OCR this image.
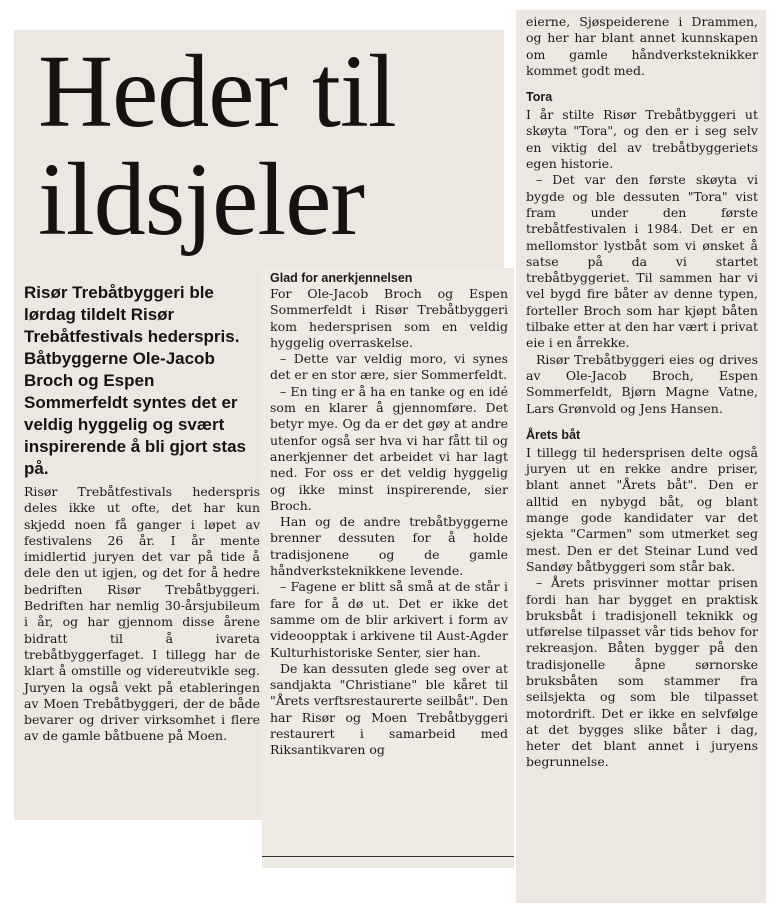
Heder til ildsjeler

Risør Trebåtbyggeri ble lørdag tildelt Risør Trebåtfestivals hederspris. Båtbyggerne Ole-Jacob Broch og Espen Sommerfeldt syntes det er veldig hyggelig og svært inspirerende å bli gjort stas på.

Risør Trebåtfestivals hederspris deles ikke ut ofte, det har kun skjedd noen få ganger i løpet av festivalens 26 år. I år mente imidlertid juryen det var på tide å dele den ut igjen, og det for å hedre bedriften Risør Trebåtbyggeri. Bedriften har nemlig 30-årsjubileum i år, og har gjennom disse årene bidratt til å ivareta trebåtbyggerfaget. I tillegg har de klart å omstille og videreutvikle seg. Juryen la også vekt på etableringen av Moen Trebåtbyggeri, der de både bevarer og driver virksomhet i flere av de gamle båtbuene på Moen.

Glad for anerkjennelsen

For Ole-Jacob Broch og Espen Sommerfeldt i Risør Trebåtbyggeri kom hedersprisen som en veldig hyggelig overraskelse.

– Dette var veldig moro, vi synes det er en stor ære, sier Sommerfeldt.

– En ting er å ha en tanke og en idé som en klarer å gjennomføre. Det betyr mye. Og da er det gøy at andre utenfor også ser hva vi har fått til og anerkjenner det arbeidet vi har lagt ned. For oss er det veldig hyggelig og ikke minst inspirerende, sier Broch.

Han og de andre trebåtbyggerne brenner dessuten for å holde tradisjonene og de gamle håndverksteknikkene levende.

– Fagene er blitt så små at de står i fare for å dø ut. Det er ikke det samme om de blir arkivert i form av videoopptak i arkivene til Aust-Agder Kulturhistoriske Senter, sier han.

De kan dessuten glede seg over at sandjakta "Christiane" ble kåret til "Årets verftsrestaurerte seilbåt". Den har Risør og Moen Trebåtbyggeri restaurert i samarbeid med Riksantikvaren og

eierne, Sjøspeiderene i Drammen, og her har blant annet kunnskapen om gamle håndverksteknikker kommet godt med.

Tora

I år stilte Risør Trebåtbyggeri ut skøyta "Tora", og den er i seg selv en viktig del av trebåtbyggeriets egen historie.

– Det var den første skøyta vi bygde og ble dessuten "Tora" vist fram under den første trebåtfestivalen i 1984. Det er en mellomstor lystbåt som vi ønsket å satse på da vi startet trebåtbyggeriet. Til sammen har vi vel bygd fire båter av denne typen, forteller Broch som har kjøpt båten tilbake etter at den har vært i privat eie i en årrekke.

Risør Trebåtbyggeri eies og drives av Ole-Jacob Broch, Espen Sommerfeldt, Bjørn Magne Vatne, Lars Grønvold og Jens Hansen.

Årets båt

I tillegg til hedersprisen delte også juryen ut en rekke andre priser, blant annet "Årets båt". Den er alltid en nybygd båt, og blant mange gode kandidater var det sjekta "Carmen" som utmerket seg mest. Den er det Steinar Lund ved Sandøy båtbyggeri som står bak.

– Årets prisvinner mottar prisen fordi han har bygget en praktisk bruksbåt i tradisjonell teknikk og utførelse tilpasset vår tids behov for rekreasjon. Båten bygger på den tradisjonelle åpne sørnorske bruksbåten som stammer fra seilsjekta og som ble tilpasset motordrift. Det er ikke en selvfølge at det bygges slike båter i dag, heter det blant annet i juryens begrunnelse.
